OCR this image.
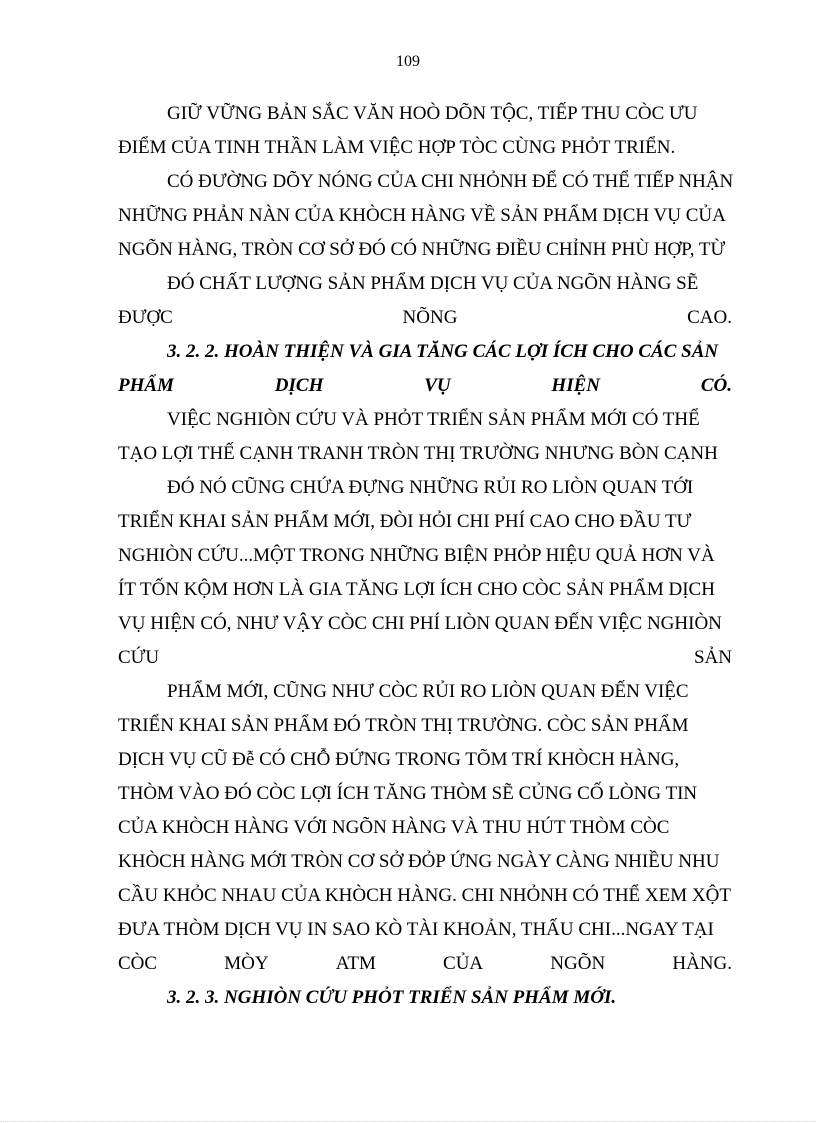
109
GIỮ VỮNG BẢN SẮC VĂN HOÒ DÕN TỘC, TIẾP THU CÒC ƯU
ĐIỂM CỦA TINH THẦN LÀM VIỆC HỢP TÒC CÙNG PHỎT TRIỂN.
CÓ ĐƯỜNG DÕY NÓNG CỦA CHI NHỎNH ĐỂ CÓ THỂ TIẾP NHẬN
NHỮNG PHẢN NÀN CỦA KHÒCH HÀNG VỀ SẢN PHẨM DỊCH VỤ CỦA
NGÕN HÀNG, TRÒN CƠ SỞ ĐÓ CÓ NHỮNG ĐIỀU CHỈNH PHÙ HỢP, TỪ
ĐÓ CHẤT LƯỢNG SẢN PHẨM DỊCH VỤ CỦA NGÕN HÀNG SẼ
ĐƯỢC	NÕNG	CAO.
3. 2. 2. HOÀN THIỆN VÀ GIA TĂNG CÁC LỢI ÍCH CHO CÁC SẢN
PHẨM	DỊCH	VỤ	HIỆN	CÓ.
VIỆC NGHIÒN CỨU VÀ PHỎT TRIỂN SẢN PHẨM MỚI CÓ THỂ
TẠO LỢI THẾ CẠNH TRANH TRÒN THỊ TRƯỜNG NHƯNG BÒN CẠNH
ĐÓ NÓ CŨNG CHỨA ĐỰNG NHỮNG RỦI RO LIÒN QUAN TỚI
TRIỂN KHAI SẢN PHẨM MỚI, ĐÒI HỎI CHI PHÍ CAO CHO ĐẦU TƯ
NGHIÒN CỨU...MỘT TRONG NHỮNG BIỆN PHỎP HIỆU QUẢ HƠN VÀ
ÍT TỐN KỘM HƠN LÀ GIA TĂNG LỢI ÍCH CHO CÒC SẢN PHẨM DỊCH
VỤ HIỆN CÓ, NHƯ VẬY CÒC CHI PHÍ LIÒN QUAN ĐẾN VIỆC NGHIÒN
CỨU	SẢN
PHẨM MỚI, CŨNG NHƯ CÒC RỦI RO LIÒN QUAN ĐẾN VIỆC
TRIỂN KHAI SẢN PHẨM ĐÓ TRÒN THỊ TRƯỜNG. CÒC SẢN PHẨM
DỊCH VỤ CŨ Đễ CÓ CHỖ ĐỨNG TRONG TÕM TRÍ KHÒCH HÀNG,
THÒM VÀO ĐÓ CÒC LỢI ÍCH TĂNG THÒM SẼ CỦNG CỐ LÒNG TIN
CỦA KHÒCH HÀNG VỚI NGÕN HÀNG VÀ THU HÚT THÒM CÒC
KHÒCH HÀNG MỚI TRÒN CƠ SỞ ĐỎP ỨNG NGÀY CÀNG NHIỀU NHU
CẦU KHỎC NHAU CỦA KHÒCH HÀNG. CHI NHỎNH CÓ THỂ XEM XỘT
ĐƯA THÒM DỊCH VỤ IN SAO KÒ TÀI KHOẢN, THẤU CHI...NGAY TẠI
CÒC	MÒY	ATM	CỦA	NGÕN	HÀNG.
3. 2. 3. NGHIÒN CỨU PHỎT TRIỂN SẢN PHẨM MỚI.
